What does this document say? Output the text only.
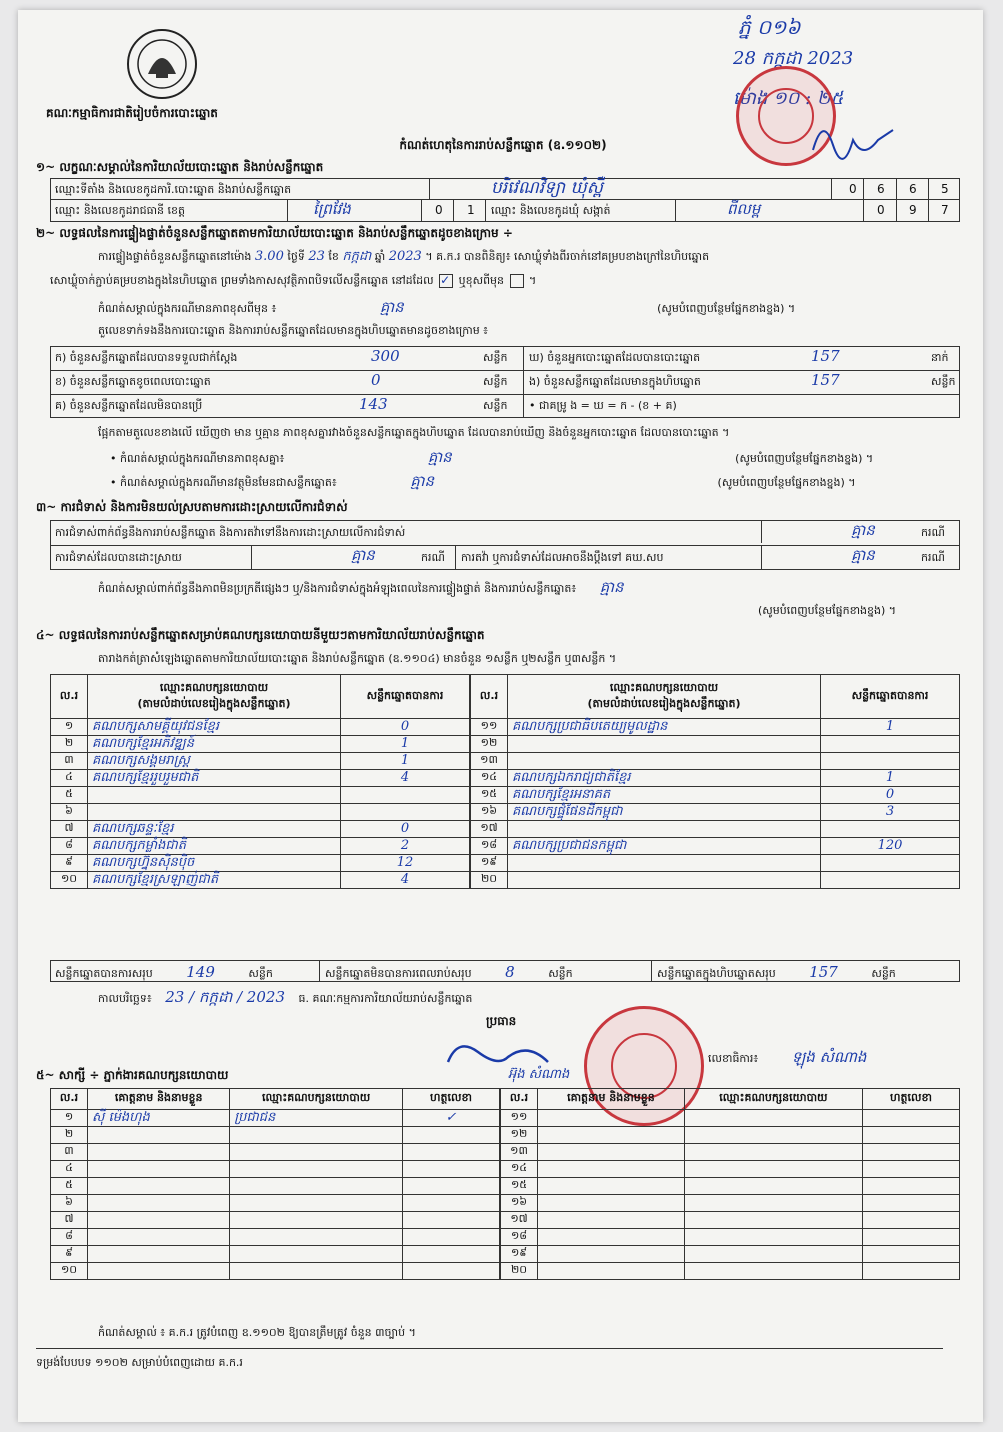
គណៈកម្មាធិការជាតិរៀបចំការបោះឆ្នោត
ភ្នំ ០១៦
28 កក្កដា 2023
ម៉ោង ១០ : ២៥
កំណត់ហេតុនៃការរាប់សន្លឹកឆ្នោត (ឧ.១១០២)
១~ លក្ខណៈសម្គាល់នៃការិយាល័យបោះឆ្នោត និងរាប់សន្លឹកឆ្នោត
ឈ្មោះទីតាំង និងលេខកូដការិ.បោះឆ្នោត និងរាប់សន្លឹកឆ្នោត	បរិវេណវិទ្យា ឃុំស្ពឺ	0 6 6 5
ឈ្មោះ និងលេខកូដរាជធានី ខេត្ត	ព្រៃវែង	0 1 ឈ្មោះ និងលេខកូដឃុំ សង្កាត់	ពីលម្ព	0 9 7
២~ លទ្ធផលនៃការផ្ទៀងផ្ទាត់ចំនួនសន្លឹកឆ្នោតតាមការិយាល័យបោះឆ្នោត និងរាប់សន្លឹកឆ្នោតដូចខាងក្រោម ÷
ការផ្ទៀងផ្ទាត់ចំនួនសន្លឹកឆ្នោតនៅម៉ោង 3.00 ថ្ងៃទី 23 ខែ កក្កដា ឆ្នាំ 2023 ។ គ.ក.រ បានពិនិត្យ៖ សោឃ្លុំទាំងពីរចាក់នៅគម្របខាងក្រៅនៃហិបឆ្នោត
សោឃ្លុំចាក់ភ្ជាប់គម្របខាងក្នុងនៃហិបឆ្នោត ព្រមទាំងកាសសុវត្ថិភាពបិទលើសន្លឹកឆ្នោត នៅដដែល ✓ ឬខុសពីមុន  ។
កំណត់សម្គាល់ក្នុងករណីមានភាពខុសពីមុន ៖	គ្មាន	(សូមបំពេញបន្ថែមផ្នែកខាងខ្នង) ។
តួលេខទាក់ទងនឹងការបោះឆ្នោត និងការរាប់សន្លឹកឆ្នោតដែលមានក្នុងហិបឆ្នោតមានដូចខាងក្រោម ៖
ក) ចំនួនសន្លឹកឆ្នោតដែលបានទទួលជាក់ស្តែង	300	សន្លឹក ឃ) ចំនួនអ្នកបោះឆ្នោតដែលបានបោះឆ្នោត	157	នាក់
ខ) ចំនួនសន្លឹកឆ្នោតខូចពេលបោះឆ្នោត	0	សន្លឹក ង) ចំនួនសន្លឹកឆ្នោតដែលមានក្នុងហិបឆ្នោត	157	សន្លឹក
គ) ចំនួនសន្លឹកឆ្នោតដែលមិនបានប្រើ	143	សន្លឹក • ជាគម្រូ ង = ឃ = ក - (ខ + គ)
ផ្អែកតាមតួលេខខាងលើ ឃើញថា មាន ឬគ្មាន ភាពខុសគ្នារវាងចំនួនសន្លឹកឆ្នោតក្នុងហិបឆ្នោត ដែលបានរាប់ឃើញ និងចំនួនអ្នកបោះឆ្នោត ដែលបានបោះឆ្នោត ។
• កំណត់សម្គាល់ក្នុងករណីមានភាពខុសគ្នា៖	គ្មាន	(សូមបំពេញបន្ថែមផ្នែកខាងខ្នង) ។
• កំណត់សម្គាល់ក្នុងករណីមានវត្ថុមិនមែនជាសន្លឹកឆ្នោត៖	គ្មាន	(សូមបំពេញបន្ថែមផ្នែកខាងខ្នង) ។
៣~ ការជំទាស់ និងការមិនយល់ស្របតាមការដោះស្រាយលើការជំទាស់
ការជំទាស់ពាក់ព័ន្ធនឹងការរាប់សន្លឹកឆ្នោត និងការតវ៉ាទៅនឹងការដោះស្រាយលើការជំទាស់	គ្មាន	ករណី
ការជំទាស់ដែលបានដោះស្រាយ	គ្មាន	ករណី ការតវ៉ា ឬការជំទាស់ដែលអាចនឹងប្តឹងទៅ គឃ.សប	គ្មាន	ករណី
កំណត់សម្គាល់ពាក់ព័ន្ធនឹងភាពមិនប្រក្រតីផ្សេងៗ ឬ/និងការជំទាស់ក្នុងអំឡុងពេលនៃការផ្ទៀងផ្ទាត់ និងការរាប់សន្លឹកឆ្នោត៖ គ្មាន
(សូមបំពេញបន្ថែមផ្នែកខាងខ្នង) ។
៤~ លទ្ធផលនៃការរាប់សន្លឹកឆ្នោតសម្រាប់គណបក្សនយោបាយនីមួយៗតាមការិយាល័យរាប់សន្លឹកឆ្នោត
តារាងកត់ត្រាសំឡេងឆ្នោតតាមការិយាល័យបោះឆ្នោត និងរាប់សន្លឹកឆ្នោត (ឧ.១១០៤) មានចំនួន ១សន្លឹក ឬ២សន្លឹក ឬ៣សន្លឹក ។
ល.រ	ឈ្មោះគណបក្សនយោបាយ
(តាមលំដាប់លេខរៀងក្នុងសន្លឹកឆ្នោត)	សន្លឹកឆ្នោតបានការ
១	គណបក្សសាមគ្គីយុវជនខ្មែរ	0
២	គណបក្សខ្មែរអភិវឌ្ឍន៍	1
៣	គណបក្សសង្គមរាស្ត្រ	1
៤	គណបក្សខ្មែររួបរួមជាតិ	4
៥		
៦		
៧	គណបក្សឆន្ទៈខ្មែរ	0
៨	គណបក្សកម្លាំងជាតិ	2
៩	គណបក្សហ្វ៊ុនស៊ិនប៉ិច	12
១០	គណបក្សខ្មែរស្រឡាញ់ជាតិ	4
ល.រ	ឈ្មោះគណបក្សនយោបាយ
(តាមលំដាប់លេខរៀងក្នុងសន្លឹកឆ្នោត)	សន្លឹកឆ្នោតបានការ
១១	គណបក្សប្រជាធិបតេយ្យមូលដ្ឋាន	1
១២		
១៣		
១៤	គណបក្សឯករាជ្យជាតិខ្មែរ	1
១៥	គណបក្សខ្មែរអនាគត	0
១៦	គណបក្សផ្ទុំផែនដីកម្ពុជា	3
១៧		
១៨	គណបក្សប្រជាជនកម្ពុជា	120
១៩		
២០		
សន្លឹកឆ្នោតបានការសរុប 149	សន្លឹក	សន្លឹកឆ្នោតមិនបានការពេលរាប់សរុប 8	សន្លឹក	សន្លឹកឆ្នោតក្នុងហិបឆ្នោតសរុប 157	សន្លឹក
កាលបរិច្ឆេទ៖ 23 / កក្កដា / 2023 ធ. គណៈកម្មការការិយាល័យរាប់សន្លឹកឆ្នោត
ប្រធាន
អ៊ុង សំណាង
លេខាធិការ៖ ឡុង សំណាង
៥~ សាក្សី ÷ ភ្នាក់ងារគណបក្សនយោបាយ
ល.រ	គោត្តនាម និងនាមខ្លួន	ឈ្មោះគណបក្សនយោបាយ	ហត្ថលេខា
១	ស៊ី ម៉េងហុង	ប្រជាជន	✓
២			
៣			
៤			
៥			
៦			
៧			
៨			
៩			
១០			
ល.រ	គោត្តនាម និងនាមខ្លួន	ឈ្មោះគណបក្សនយោបាយ	ហត្ថលេខា
១១			
១២			
១៣			
១៤			
១៥			
១៦			
១៧			
១៨			
១៩			
២០			
កំណត់សម្គាល់ ៖ គ.ក.រ ត្រូវបំពេញ ឧ.១១០២ ឱ្យបានត្រឹមត្រូវ ចំនួន ៣ច្បាប់ ។
ទម្រង់បែបបទ ១១០២ សម្រាប់បំពេញដោយ គ.ក.រ
